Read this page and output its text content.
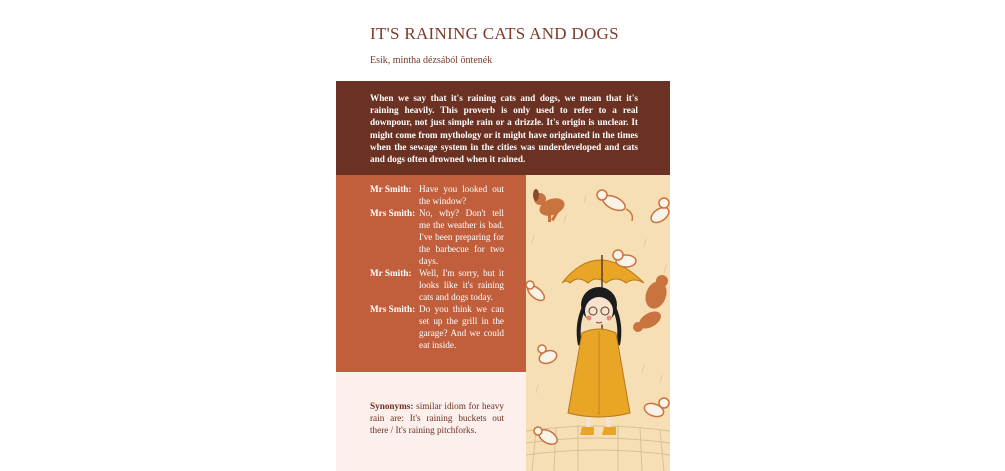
IT'S RAINING CATS AND DOGS
Esik, mintha dézsából öntenék
When we say that it's raining cats and dogs, we mean that it's raining heavily. This proverb is only used to refer to a real downpour, not just simple rain or a drizzle. It's origin is unclear. It might come from mythology or it might have originated in the times when the sewage system in the cities was underdeveloped and cats and dogs often drowned when it rained.
Mr Smith: Have you looked out the window?
Mrs Smith: No, why? Don't tell me the weather is bad. I've been preparing for the barbecue for two days.
Mr Smith: Well, I'm sorry, but it looks like it's raining cats and dogs today.
Mrs Smith: Do you think we can set up the grill in the garage? And we could eat inside.
Synonyms: similar idiom for heavy rain are: It's raining buckets out there / It's raining pitchforks.
